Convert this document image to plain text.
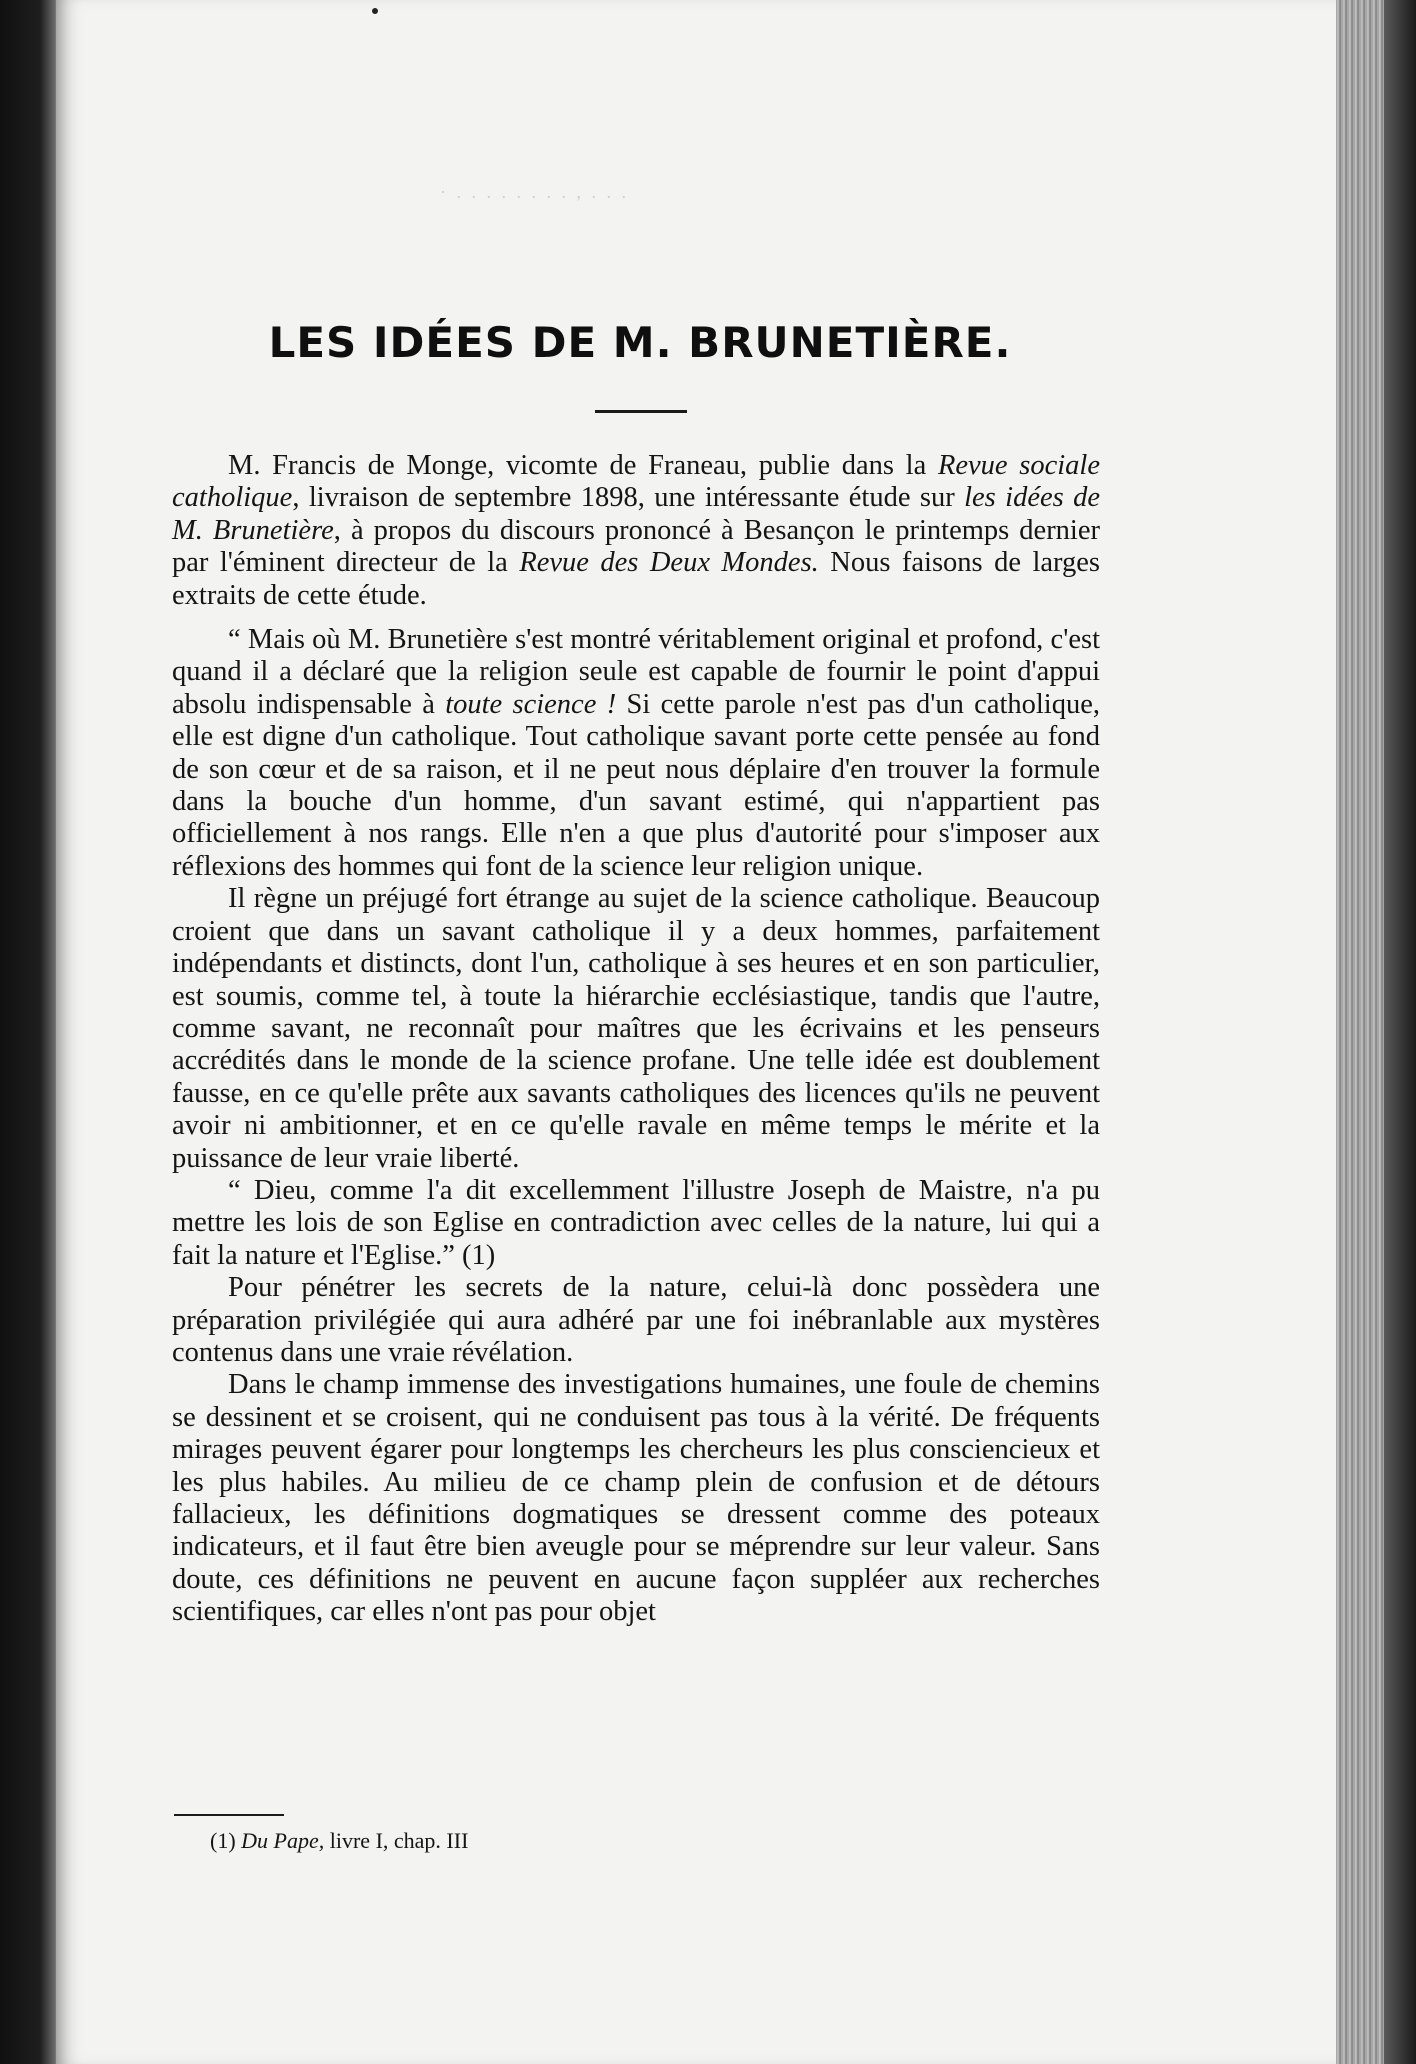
· . . . . . . . . , . . .
LES IDÉES DE M. BRUNETIÈRE.

M. Francis de Monge, vicomte de Franeau, publie dans la Revue sociale catholique, livraison de septembre 1898, une intéressante étude sur les idées de M. Brunetière, à propos du discours prononcé à Besançon le printemps dernier par l'éminent directeur de la Revue des Deux Mondes. Nous faisons de larges extraits de cette étude.

“ Mais où M. Brunetière s'est montré véritablement original et profond, c'est quand il a déclaré que la religion seule est capable de fournir le point d'appui absolu indispensable à toute science ! Si cette parole n'est pas d'un catholique, elle est digne d'un catholique. Tout catholique savant porte cette pensée au fond de son cœur et de sa raison, et il ne peut nous déplaire d'en trouver la formule dans la bouche d'un homme, d'un savant estimé, qui n'appartient pas officiellement à nos rangs. Elle n'en a que plus d'autorité pour s'imposer aux réflexions des hommes qui font de la science leur religion unique.

Il règne un préjugé fort étrange au sujet de la science catholique. Beaucoup croient que dans un savant catholique il y a deux hommes, parfaitement indépendants et distincts, dont l'un, catholique à ses heures et en son particulier, est soumis, comme tel, à toute la hiérarchie ecclésiastique, tandis que l'autre, comme savant, ne reconnaît pour maîtres que les écrivains et les penseurs accrédités dans le monde de la science profane. Une telle idée est doublement fausse, en ce qu'elle prête aux savants catholiques des licences qu'ils ne peuvent avoir ni ambitionner, et en ce qu'elle ravale en même temps le mérite et la puissance de leur vraie liberté.

“ Dieu, comme l'a dit excellemment l'illustre Joseph de Maistre, n'a pu mettre les lois de son Eglise en contradiction avec celles de la nature, lui qui a fait la nature et l'Eglise.” (1)

Pour pénétrer les secrets de la nature, celui-là donc possèdera une préparation privilégiée qui aura adhéré par une foi inébranlable aux mystères contenus dans une vraie révélation.

Dans le champ immense des investigations humaines, une foule de chemins se dessinent et se croisent, qui ne conduisent pas tous à la vérité. De fréquents mirages peuvent égarer pour longtemps les chercheurs les plus consciencieux et les plus habiles. Au milieu de ce champ plein de confusion et de détours fallacieux, les définitions dogmatiques se dressent comme des poteaux indicateurs, et il faut être bien aveugle pour se méprendre sur leur valeur. Sans doute, ces définitions ne peuvent en aucune façon suppléer aux recherches scientifiques, car elles n'ont pas pour objet

(1) Du Pape, livre I, chap. III
